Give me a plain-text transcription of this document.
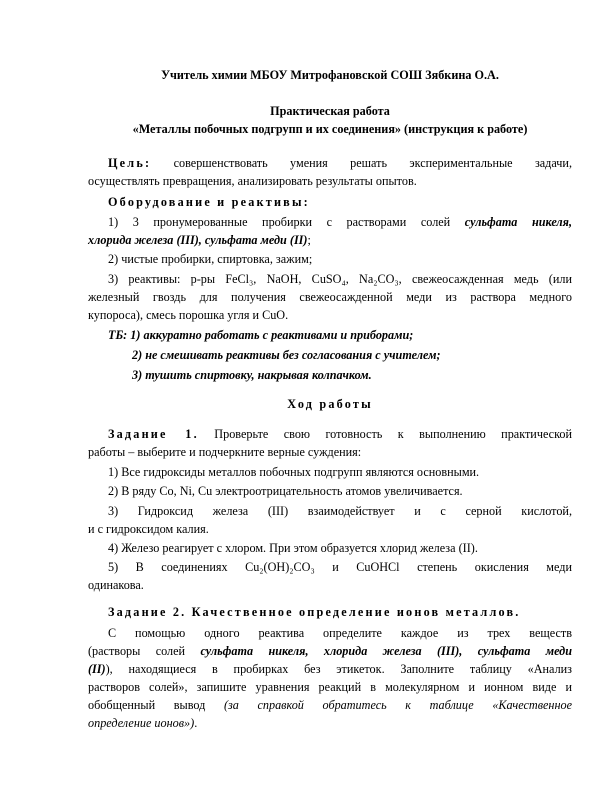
Учитель химии МБОУ Митрофановской СОШ Зябкина О.А.
Практическая работа
«Металлы побочных подгрупп и их соединения» (инструкция к работе)
Цель: совершенствовать умения решать экспериментальные задачи,
осуществлять превращения, анализировать результаты опытов.
Оборудование и реактивы:
1) 3 пронумерованные пробирки с растворами солей сульфата никеля,
хлорида железа (III), сульфата меди (II);
2) чистые пробирки, спиртовка, зажим;
3) реактивы: р-ры FeCl₃, NaOH, CuSO₄, Na₂CO₃, свежеосажденная медь (или
железный гвоздь для получения свежеосажденной меди из раствора медного
купороса), смесь порошка угля и CuO.
ТБ: 1) аккуратно работать с реактивами и приборами;
2) не смешивать реактивы без согласования с учителем;
3) тушить спиртовку, накрывая колпачком.
Ход работы
Задание 1. Проверьте свою готовность к выполнению практической
работы – выберите и подчеркните верные суждения:
1) Все гидроксиды металлов побочных подгрупп являются основными.
2) В ряду Co, Ni, Cu электроотрицательность атомов увеличивается.
3) Гидроксид железа (III) взаимодействует и с серной кислотой,
и с гидроксидом калия.
4) Железо реагирует с хлором. При этом образуется хлорид железа (II).
5) В соединениях Cu₂(OH)₂CO₃ и CuOHCl степень окисления меди
одинакова.
Задание 2. Качественное определение ионов металлов.
С помощью одного реактива определите каждое из трех веществ
(растворы солей сульфата никеля, хлорида железа (III), сульфата меди
(II)), находящиеся в пробирках без этикеток. Заполните таблицу «Анализ
растворов солей», запишите уравнения реакций в молекулярном и ионном виде и
обобщенный вывод (за справкой обратитесь к таблице «Качественное
определение ионов»).
